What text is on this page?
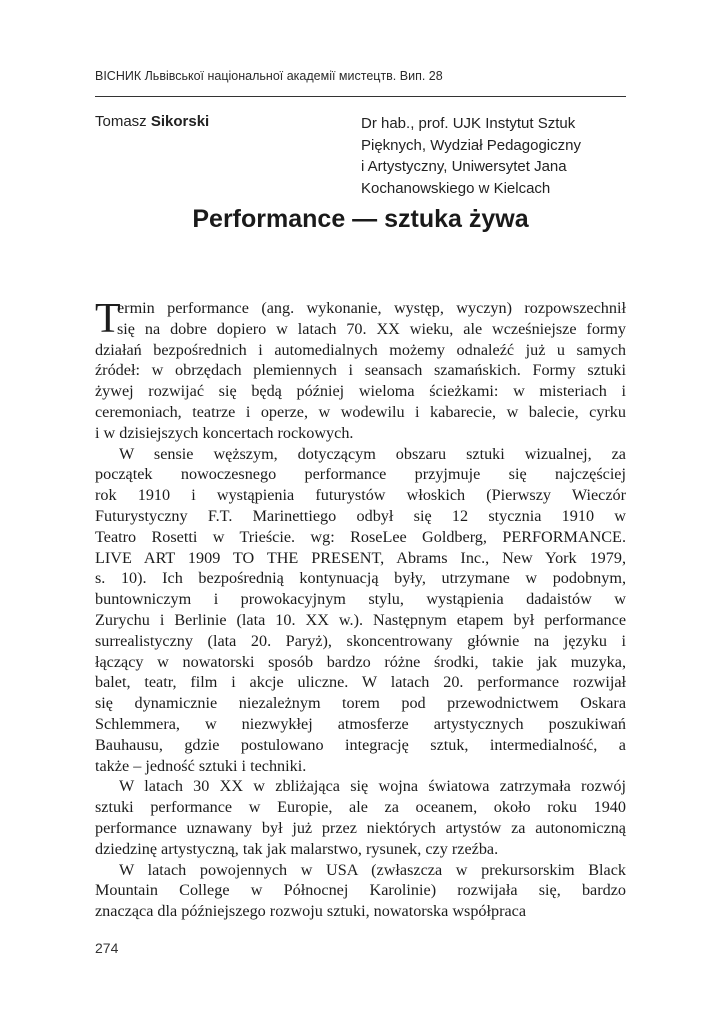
ВІСНИК Львівської національної академії мистецтв. Вип. 28
Tomasz Sikorski	Dr hab., prof. UJK Instytut Sztuk
Pięknych, Wydział Pedagogiczny
i Artystyczny, Uniwersytet Jana
Kochanowskiego w Kielcach
Performance — sztuka żywa
T
ermin performance (ang. wykonanie, występ, wyczyn) rozpowszechnił
się na dobre dopiero w latach 70. XX wieku, ale wcześniejsze formy
działań bezpośrednich i automedialnych możemy odnaleźć już u samych
źródeł: w obrzędach plemiennych i seansach szamańskich. Formy sztuki
żywej rozwijać się będą później wieloma ścieżkami: w misteriach i
ceremoniach, teatrze i operze, w wodewilu i kabarecie, w balecie, cyrku
i w dzisiejszych koncertach rockowych.
W sensie węższym, dotyczącym obszaru sztuki wizualnej, za
początek nowoczesnego performance przyjmuje się najczęściej
rok 1910 i wystąpienia futurystów włoskich (Pierwszy Wieczór
Futurystyczny F.T. Marinettiego odbył się 12 stycznia 1910 w
Teatro Rosetti w Trieście. wg: RoseLee Goldberg, PERFORMANCE.
LIVE ART 1909 TO THE PRESENT, Abrams Inc., New York 1979,
s. 10). Ich bezpośrednią kontynuacją były, utrzymane w podobnym,
buntowniczym i prowokacyjnym stylu, wystąpienia dadaistów w
Zurychu i Berlinie (lata 10. XX w.). Następnym etapem był performance
surrealistyczny (lata 20. Paryż), skoncentrowany głównie na języku i
łączący w nowatorski sposób bardzo różne środki, takie jak muzyka,
balet, teatr, film i akcje uliczne. W latach 20. performance rozwijał
się dynamicznie niezależnym torem pod przewodnictwem Oskara
Schlemmera, w niezwykłej atmosferze artystycznych poszukiwań
Bauhausu, gdzie postulowano integrację sztuk, intermedialność, a
także – jedność sztuki i techniki.
W latach 30 XX w zbliżająca się wojna światowa zatrzymała rozwój
sztuki performance w Europie, ale za oceanem, około roku 1940
performance uznawany był już przez niektórych artystów za autonomiczną
dziedzinę artystyczną, tak jak malarstwo, rysunek, czy rzeźba.
W latach powojennych w USA (zwłaszcza w prekursorskim Black
Mountain College w Północnej Karolinie) rozwijała się, bardzo
znacząca dla późniejszego rozwoju sztuki, nowatorska współpraca
274
